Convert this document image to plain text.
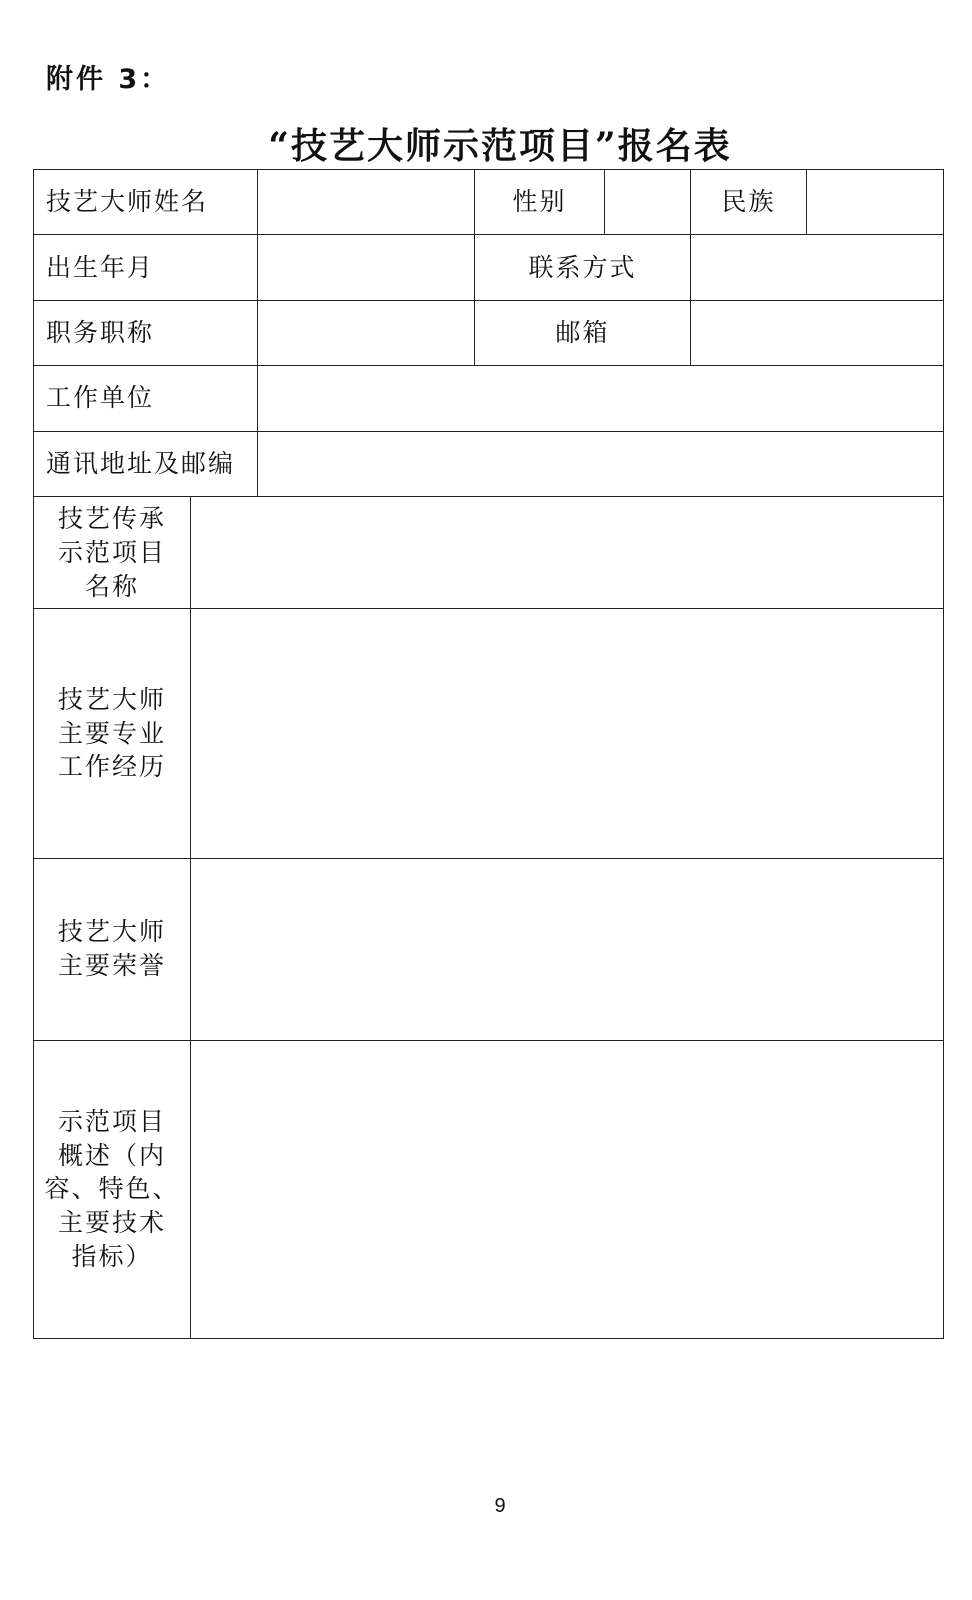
附件 3：
“技艺大师示范项目”报名表
技艺大师姓名			性别		民族	
出生年月			联系方式			
职务职称			邮箱			
工作单位						
通讯地址及邮编						

技艺传承
示范项目
名称						

技艺大师
主要专业
工作经历						

技艺大师
主要荣誉						

示范项目
概述（内
容、特色、
主要技术
指标）						

9
